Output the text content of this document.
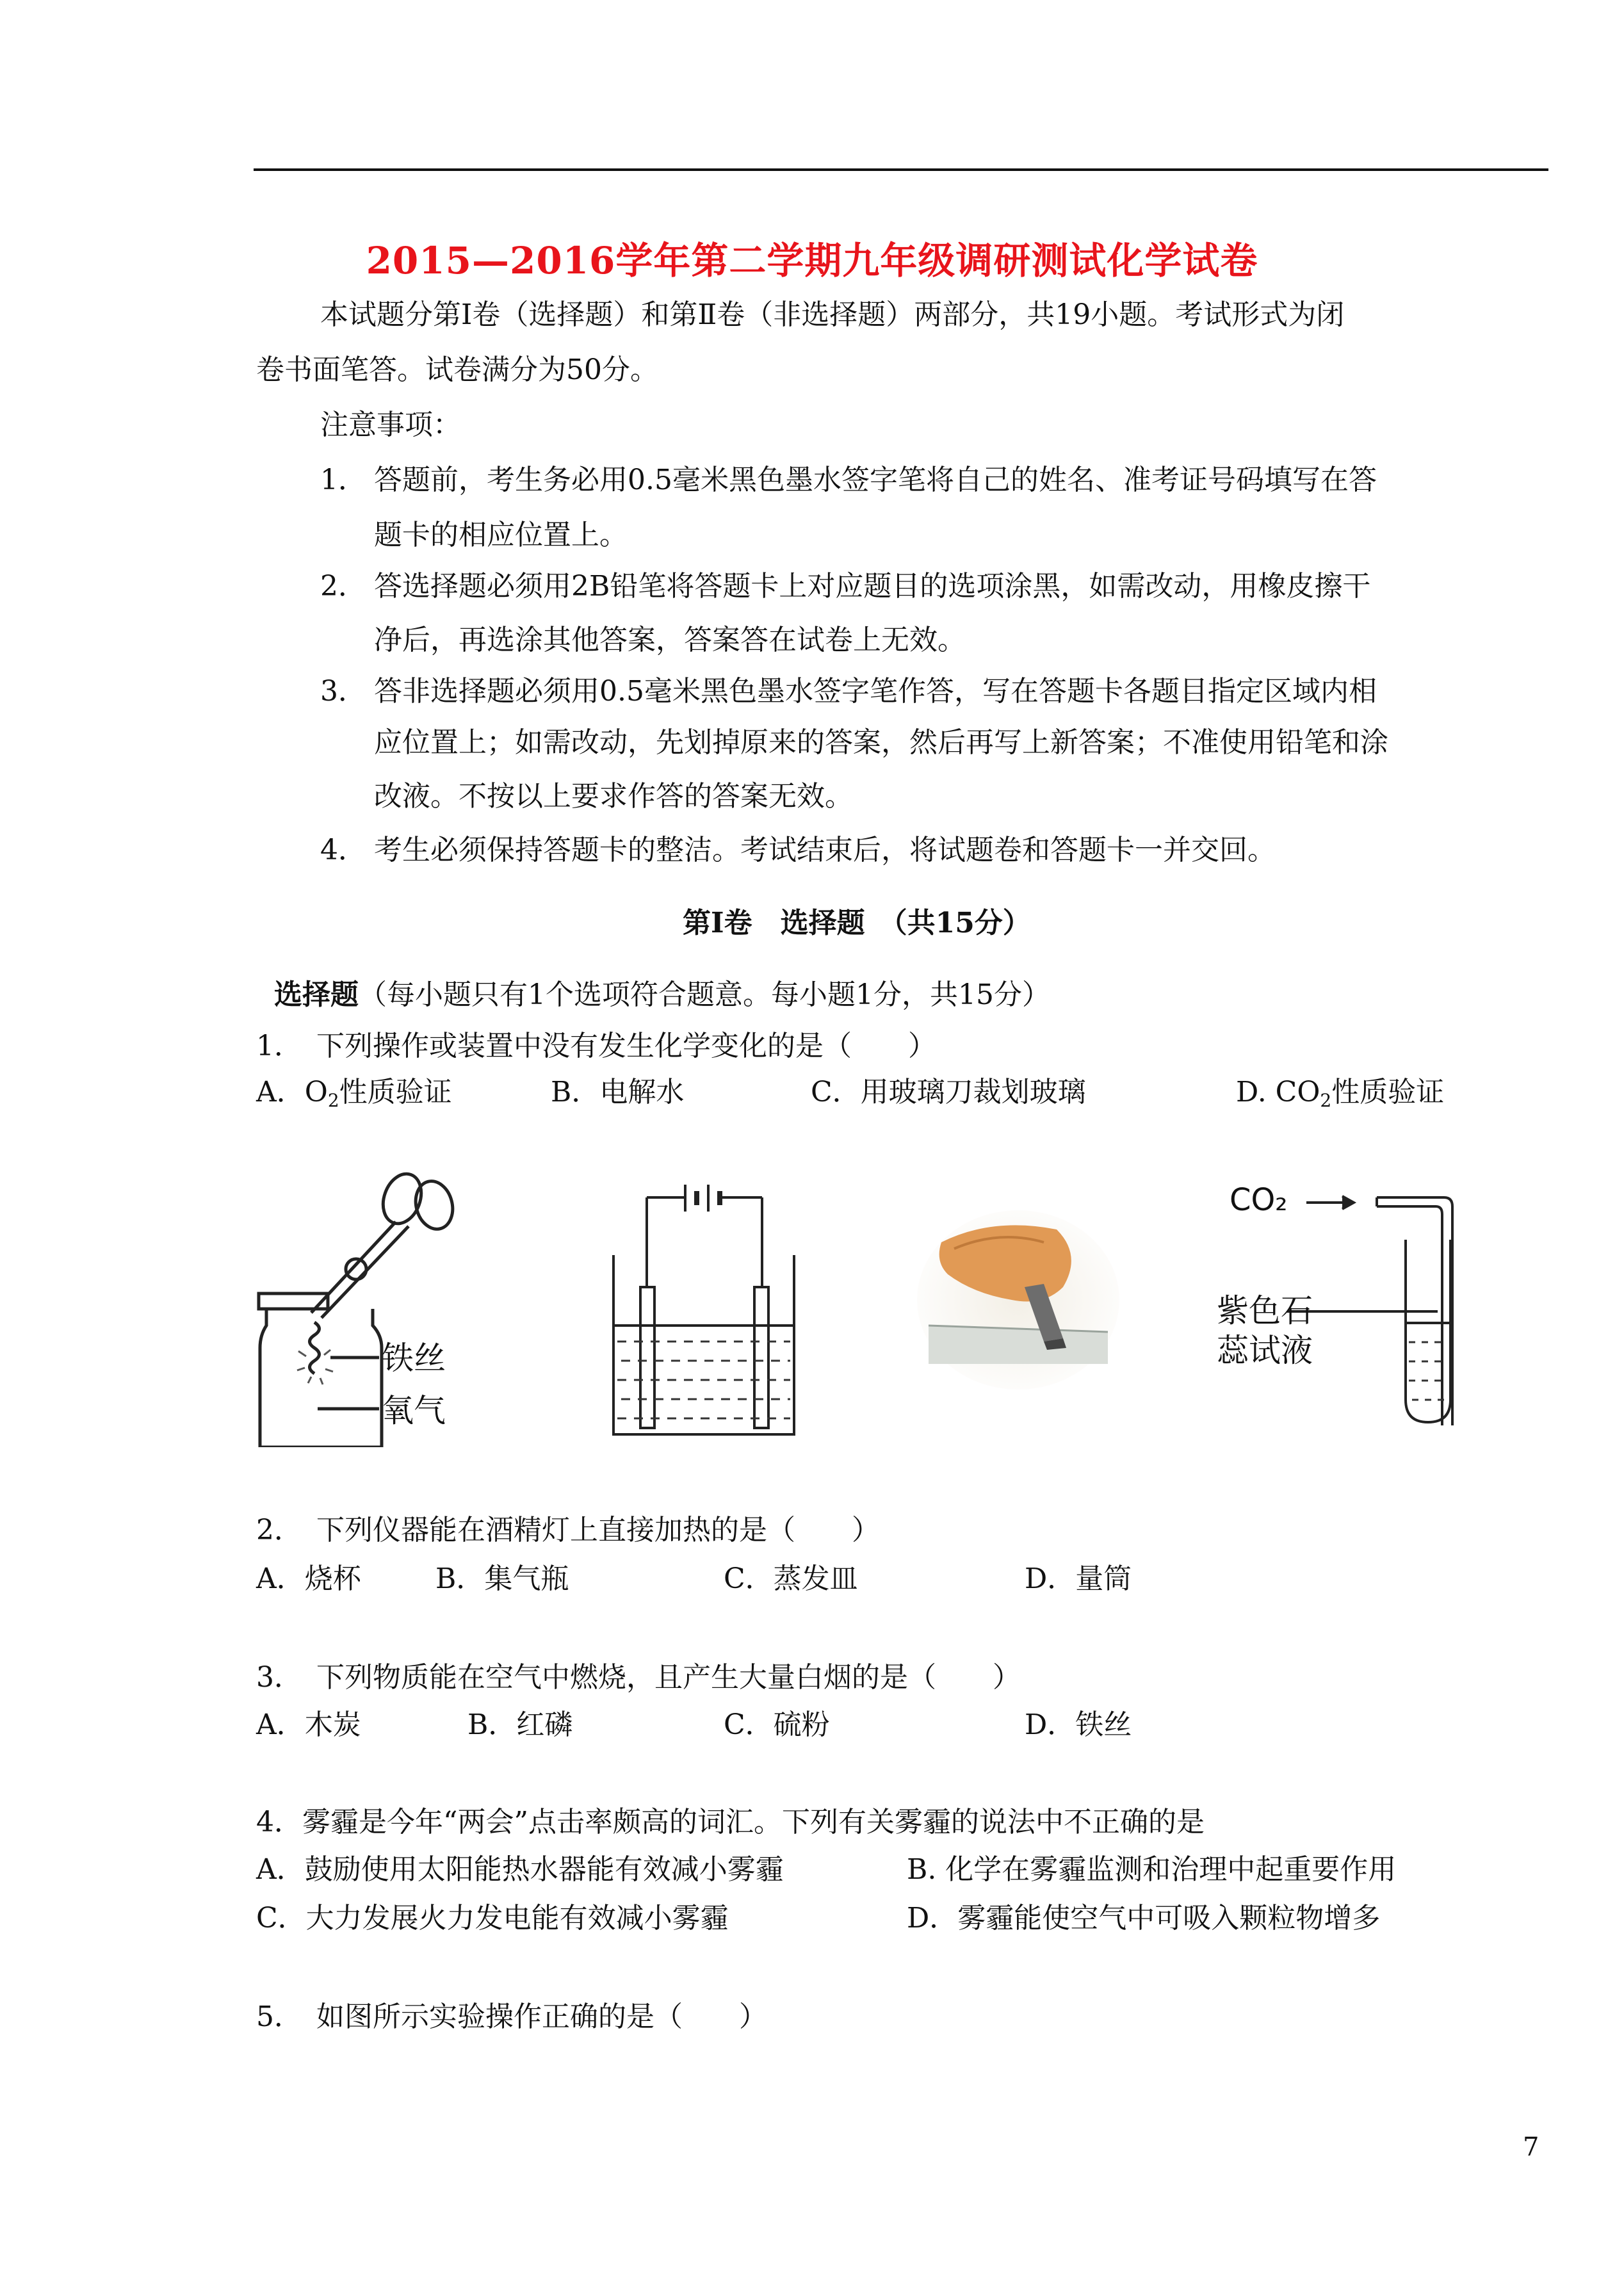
2015—2016学年第二学期九年级调研测试化学试卷
本试题分第Ⅰ卷（选择题）和第Ⅱ卷（非选择题）两部分，共19小题。考试形式为闭
卷书面笔答。试卷满分为50分。
注意事项：
1． 答题前，考生务必用0.5毫米黑色墨水签字笔将自己的姓名、准考证号码填写在答
题卡的相应位置上。
2． 答选择题必须用2B铅笔将答题卡上对应题目的选项涂黑，如需改动，用橡皮擦干
净后，再选涂其他答案，答案答在试卷上无效。
3． 答非选择题必须用0.5毫米黑色墨水签字笔作答，写在答题卡各题目指定区域内相
应位置上；如需改动，先划掉原来的答案，然后再写上新答案；不准使用铅笔和涂
改液。不按以上要求作答的答案无效。
4． 考生必须保持答题卡的整洁。考试结束后，将试题卷和答题卡一并交回。
第Ⅰ卷　选择题　（共15分）
选择题（每小题只有1个选项符合题意。每小题1分，共15分）
1．　下列操作或装置中没有发生化学变化的是（　　）
A．$O_2$性质验证	B．电解水	C．用玻璃刀裁划玻璃	D. $CO_2$性质验证
铁丝
氧气
CO₂
紫色石
蕊试液
2．　下列仪器能在酒精灯上直接加热的是（　　）
A．烧杯	B．集气瓶	C．蒸发皿	D．量筒
3．　下列物质能在空气中燃烧，且产生大量白烟的是（　　）
A．木炭	B．红磷	C．硫粉	D．铁丝
4．雾霾是今年“两会”点击率颇高的词汇。下列有关雾霾的说法中不正确的是
A．鼓励使用太阳能热水器能有效减小雾霾	B. 化学在雾霾监测和治理中起重要作用
C．大力发展火力发电能有效减小雾霾	D．雾霾能使空气中可吸入颗粒物增多
5．　如图所示实验操作正确的是（　　）
7
